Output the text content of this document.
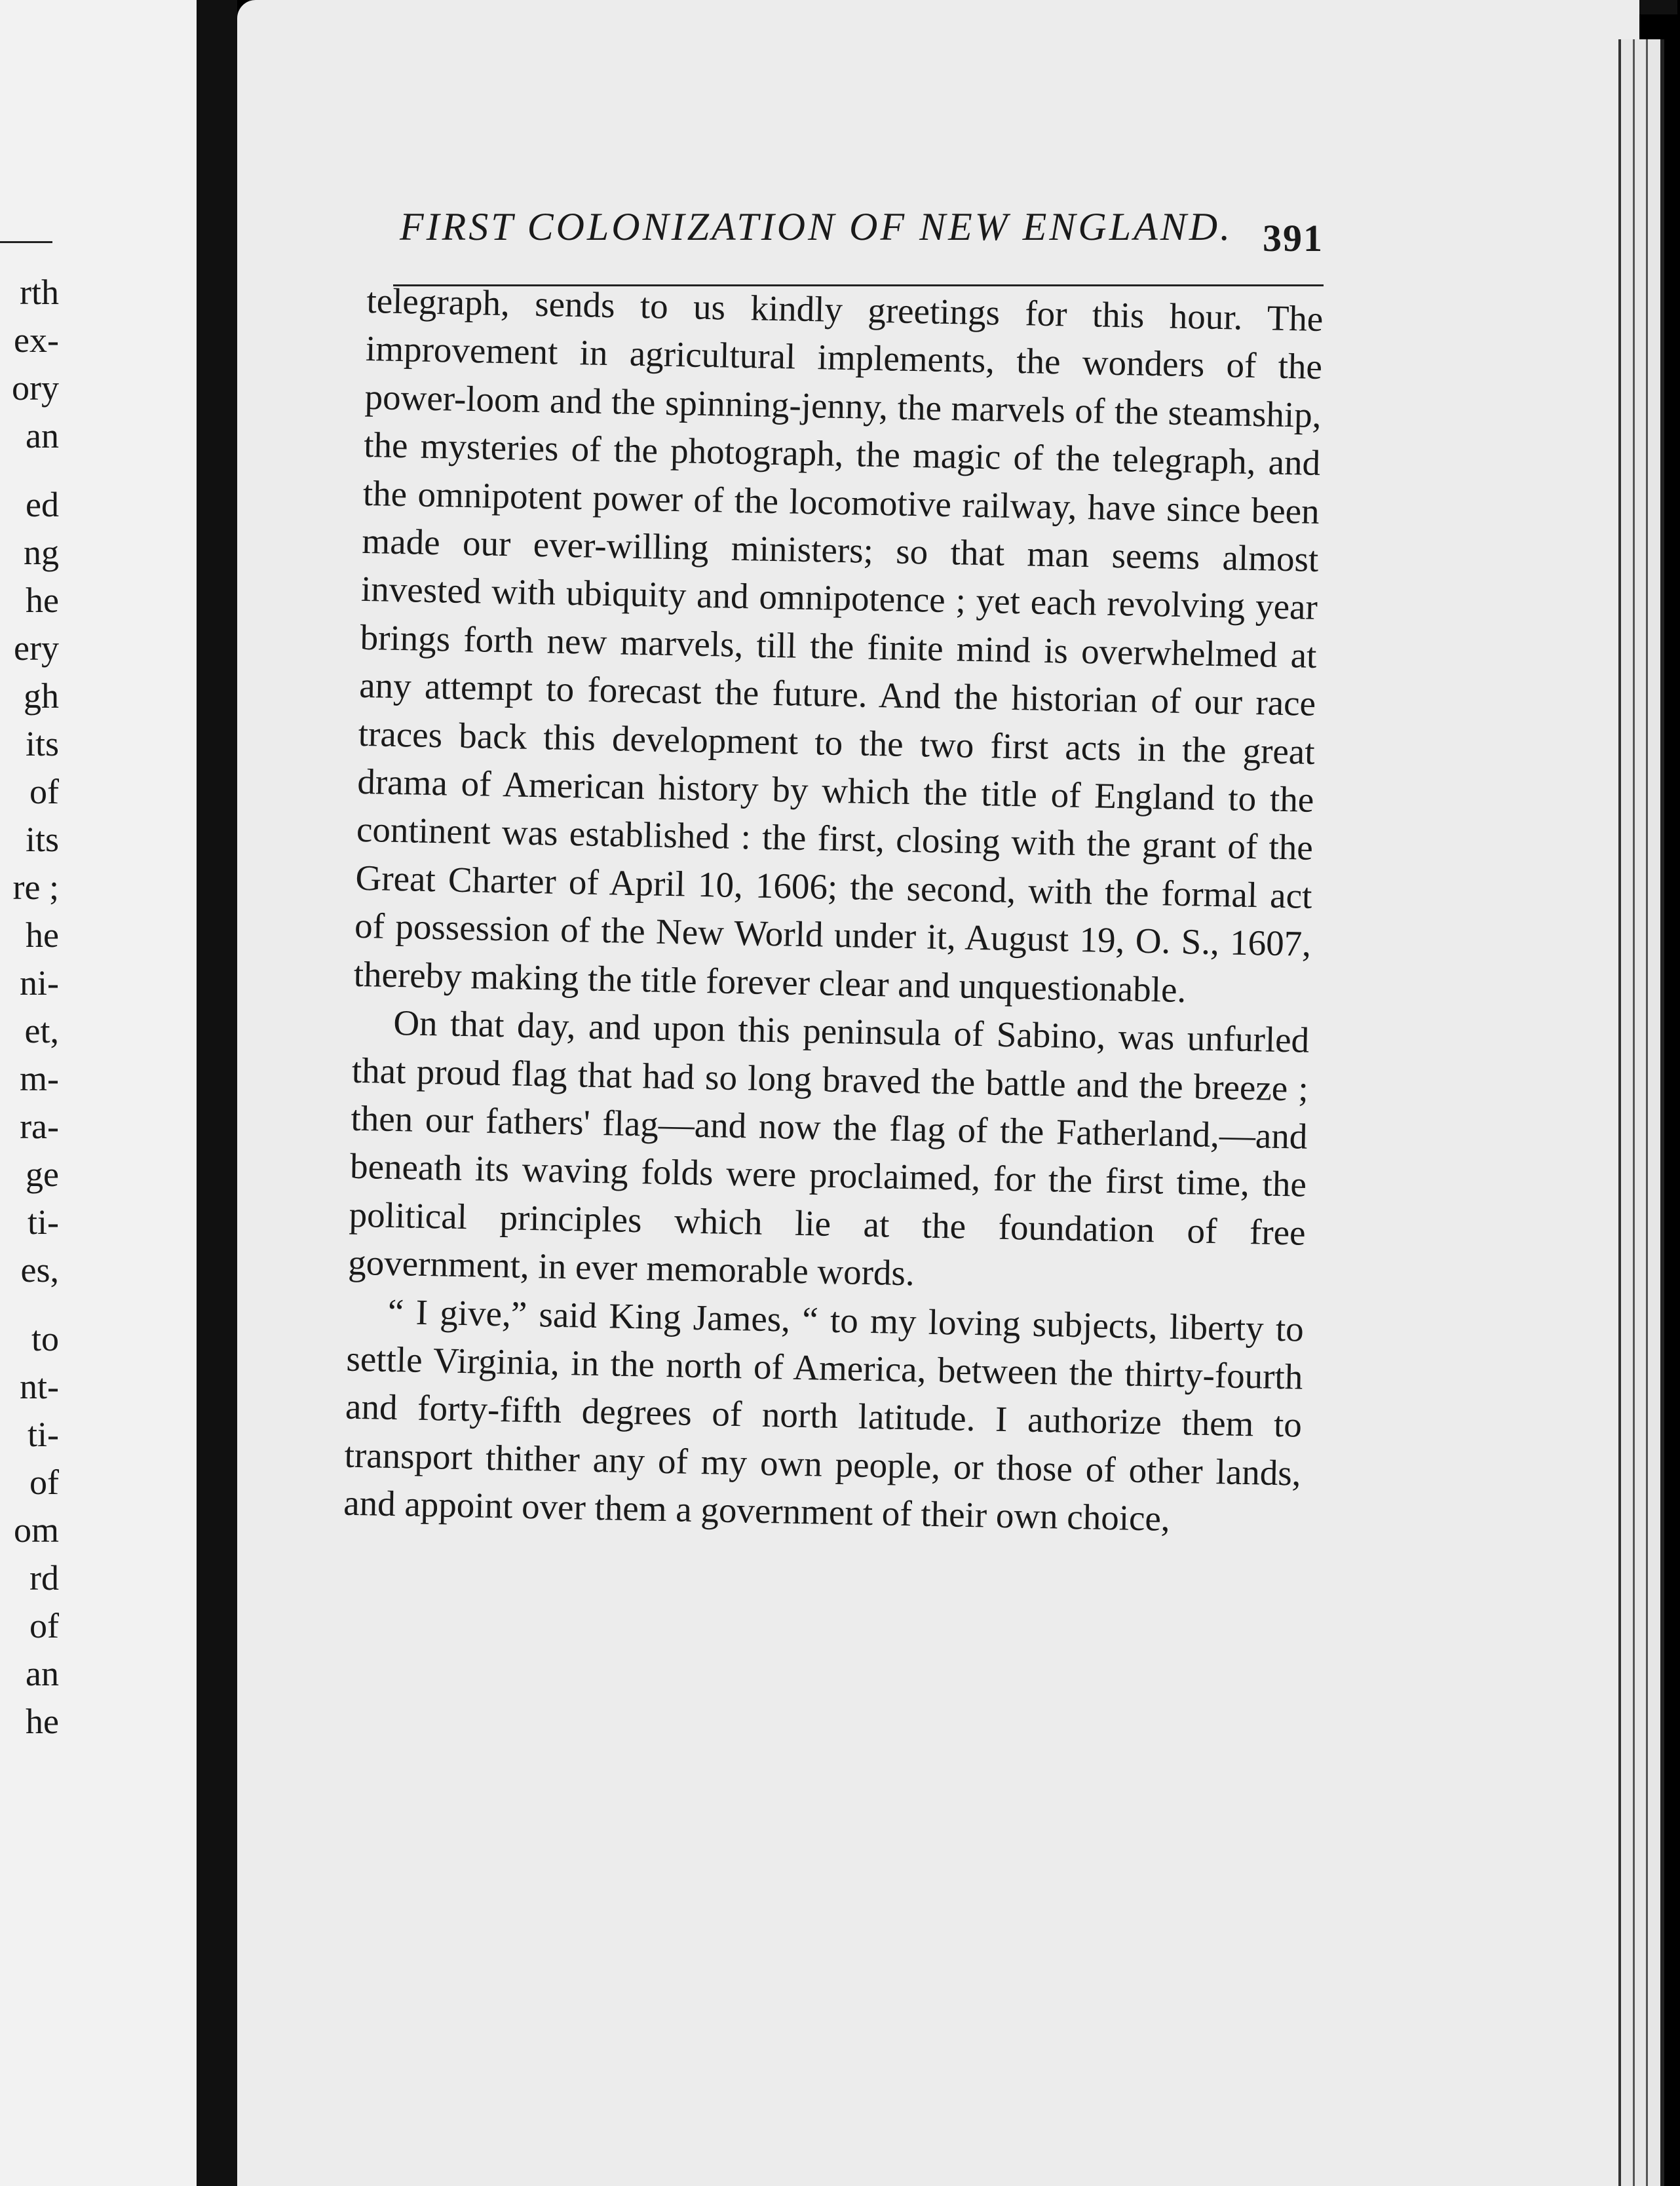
rth
ex-
ory
an
ed
ng
he
ery
gh
its
of
its
re ;
he
ni-
et,
m-
ra-
ge
ti-
es,
to
nt-
ti-
of
om
rd
of
an
he
FIRST COLONIZATION OF NEW ENGLAND. 391

telegraph, sends to us kindly greetings for this hour. The improvement in agricultural implements, the wonders of the power-loom and the spinning-jenny, the marvels of the steamship, the mysteries of the photograph, the magic of the telegraph, and the omnipotent power of the locomotive railway, have since been made our ever-willing ministers; so that man seems almost invested with ubiquity and omnipotence ; yet each revolving year brings forth new marvels, till the finite mind is overwhelmed at any attempt to forecast the future. And the historian of our race traces back this development to the two first acts in the great drama of American history by which the title of England to the continent was established : the first, closing with the grant of the Great Charter of April 10, 1606; the second, with the formal act of possession of the New World under it, August 19, O. S., 1607, thereby making the title forever clear and unquestionable.

On that day, and upon this peninsula of Sabino, was unfurled that proud flag that had so long braved the battle and the breeze ; then our fathers' flag—and now the flag of the Fatherland,—and beneath its waving folds were proclaimed, for the first time, the political principles which lie at the foundation of free government, in ever memorable words.

“ I give,” said King James, “ to my loving subjects, liberty to settle Virginia, in the north of America, between the thirty-fourth and forty-fifth degrees of north latitude. I authorize them to transport thither any of my own people, or those of other lands, and appoint over them a government of their own choice,
